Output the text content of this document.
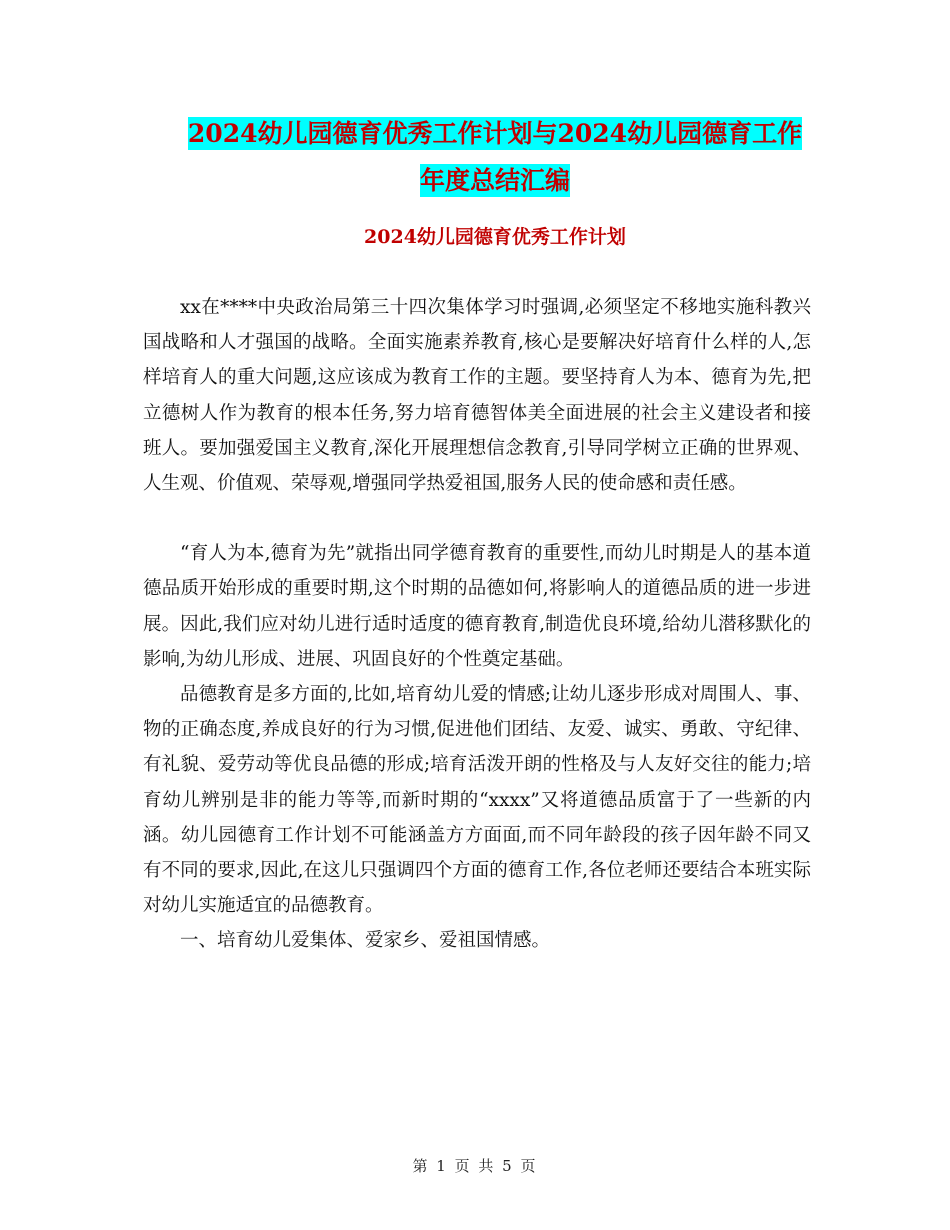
2024幼儿园德育优秀工作计划与2024幼儿园德育工作
年度总结汇编
2024幼儿园德育优秀工作计划

xx在****中央政治局第三十四次集体学习时强调,必须坚定不移地实施科教兴国战略和人才强国的战略。全面实施素养教育,核心是要解决好培育什么样的人,怎样培育人的重大问题,这应该成为教育工作的主题。要坚持育人为本、德育为先,把立德树人作为教育的根本任务,努力培育德智体美全面进展的社会主义建设者和接班人。要加强爱国主义教育,深化开展理想信念教育,引导同学树立正确的世界观、人生观、价值观、荣辱观,增强同学热爱祖国,服务人民的使命感和责任感。

“育人为本,德育为先”就指出同学德育教育的重要性,而幼儿时期是人的基本道德品质开始形成的重要时期,这个时期的品德如何,将影响人的道德品质的进一步进展。因此,我们应对幼儿进行适时适度的德育教育,制造优良环境,给幼儿潜移默化的影响,为幼儿形成、进展、巩固良好的个性奠定基础。

品德教育是多方面的,比如,培育幼儿爱的情感;让幼儿逐步形成对周围人、事、物的正确态度,养成良好的行为习惯,促进他们团结、友爱、诚实、勇敢、守纪律、有礼貌、爱劳动等优良品德的形成;培育活泼开朗的性格及与人友好交往的能力;培育幼儿辨别是非的能力等等,而新时期的“xxxx”又将道德品质富于了一些新的内涵。幼儿园德育工作计划不可能涵盖方方面面,而不同年龄段的孩子因年龄不同又有不同的要求,因此,在这儿只强调四个方面的德育工作,各位老师还要结合本班实际对幼儿实施适宜的品德教育。

一、培育幼儿爱集体、爱家乡、爱祖国情感。

第 1 页 共 5 页
